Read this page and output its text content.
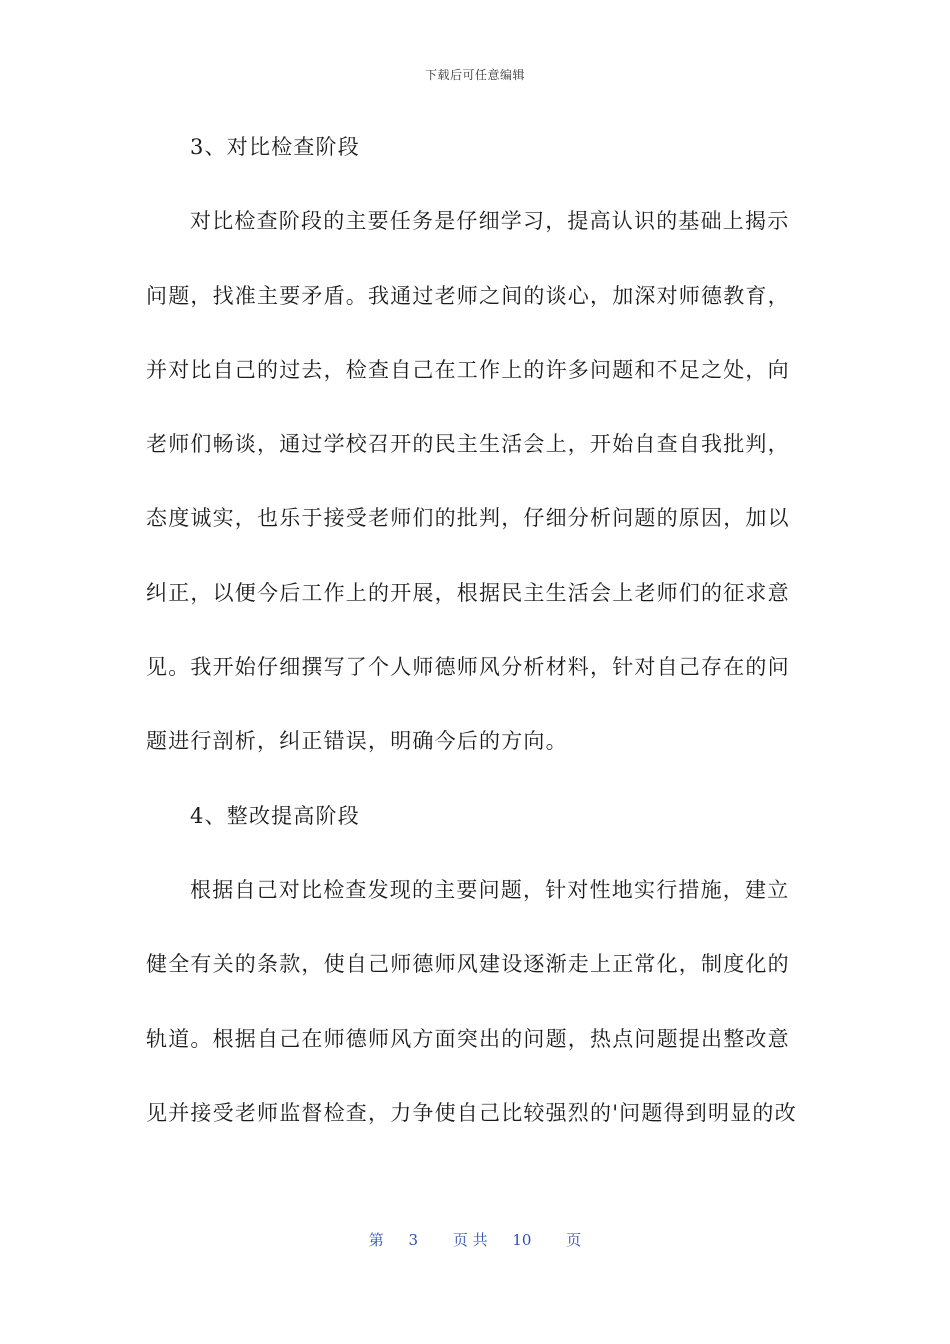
下载后可任意编辑
3、对比检查阶段
对比检查阶段的主要任务是仔细学习，提高认识的基础上揭示
问题，找准主要矛盾。我通过老师之间的谈心，加深对师德教育，
并对比自己的过去，检查自己在工作上的许多问题和不足之处，向
老师们畅谈，通过学校召开的民主生活会上，开始自查自我批判，
态度诚实，也乐于接受老师们的批判，仔细分析问题的原因，加以
纠正，以便今后工作上的开展，根据民主生活会上老师们的征求意
见。我开始仔细撰写了个人师德师风分析材料，针对自己存在的问
题进行剖析，纠正错误，明确今后的方向。
4、整改提高阶段
根据自己对比检查发现的主要问题，针对性地实行措施，建立
健全有关的条款，使自己师德师风建设逐渐走上正常化，制度化的
轨道。根据自己在师德师风方面突出的问题，热点问题提出整改意
见并接受老师监督检查，力争使自己比较强烈的'问题得到明显的改
第 3 页 共 10 页
